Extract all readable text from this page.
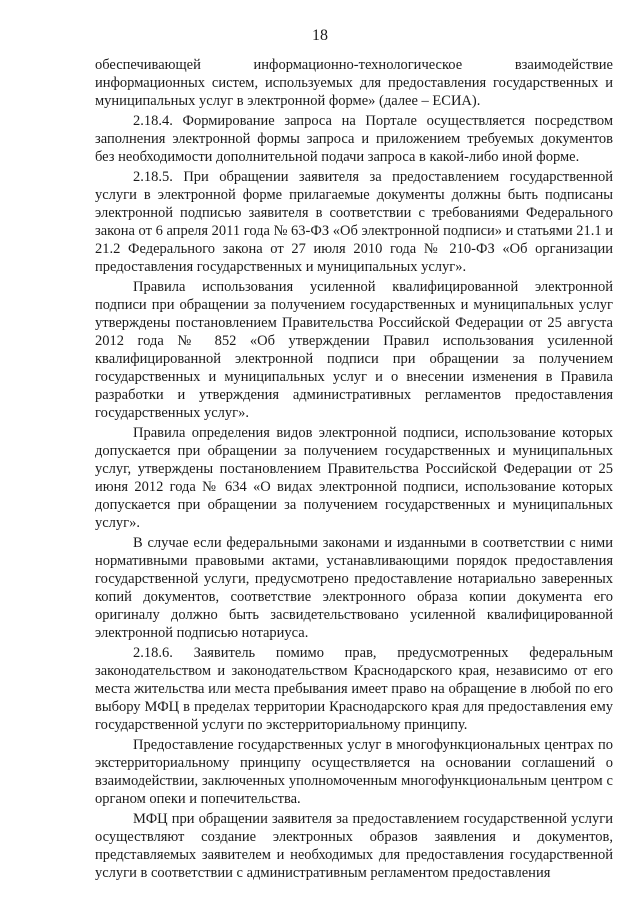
18

обеспечивающей информационно-технологическое взаимодействие информационных систем, используемых для предоставления государственных и муниципальных услуг в электронной форме» (далее – ЕСИА).

2.18.4. Формирование запроса на Портале осуществляется посредством заполнения электронной формы запроса и приложением требуемых документов без необходимости дополнительной подачи запроса в какой-либо иной форме.

2.18.5. При обращении заявителя за предоставлением государственной услуги в электронной форме прилагаемые документы должны быть подписаны электронной подписью заявителя в соответствии с требованиями Федерального закона от 6 апреля 2011 года № 63-ФЗ «Об электронной подписи» и статьями 21.1 и 21.2 Федерального закона от 27 июля 2010 года № 210-ФЗ «Об организации предоставления государственных и муниципальных услуг».

Правила использования усиленной квалифицированной электронной подписи при обращении за получением государственных и муниципальных услуг утверждены постановлением Правительства Российской Федерации от 25 августа 2012 года № 852 «Об утверждении Правил использования усиленной квалифицированной электронной подписи при обращении за получением государственных и муниципальных услуг и о внесении изменения в Правила разработки и утверждения административных регламентов предоставления государственных услуг».

Правила определения видов электронной подписи, использование которых допускается при обращении за получением государственных и муниципальных услуг, утверждены постановлением Правительства Российской Федерации от 25 июня 2012 года № 634 «О видах электронной подписи, использование которых допускается при обращении за получением государственных и муниципальных услуг».

В случае если федеральными законами и изданными в соответствии с ними нормативными правовыми актами, устанавливающими порядок предоставления государственной услуги, предусмотрено предоставление нотариально заверенных копий документов, соответствие электронного образа копии документа его оригиналу должно быть засвидетельствовано усиленной квалифицированной электронной подписью нотариуса.

2.18.6. Заявитель помимо прав, предусмотренных федеральным законодательством и законодательством Краснодарского края, независимо от его места жительства или места пребывания имеет право на обращение в любой по его выбору МФЦ в пределах территории Краснодарского края для предоставления ему государственной услуги по экстерриториальному принципу.

Предоставление государственных услуг в многофункциональных центрах по экстерриториальному принципу осуществляется на основании соглашений о взаимодействии, заключенных уполномоченным многофункциональным центром с органом опеки и попечительства.

МФЦ при обращении заявителя за предоставлением государственной услуги осуществляют создание электронных образов заявления и документов, представляемых заявителем и необходимых для предоставления государственной услуги в соответствии с административным регламентом предоставления
